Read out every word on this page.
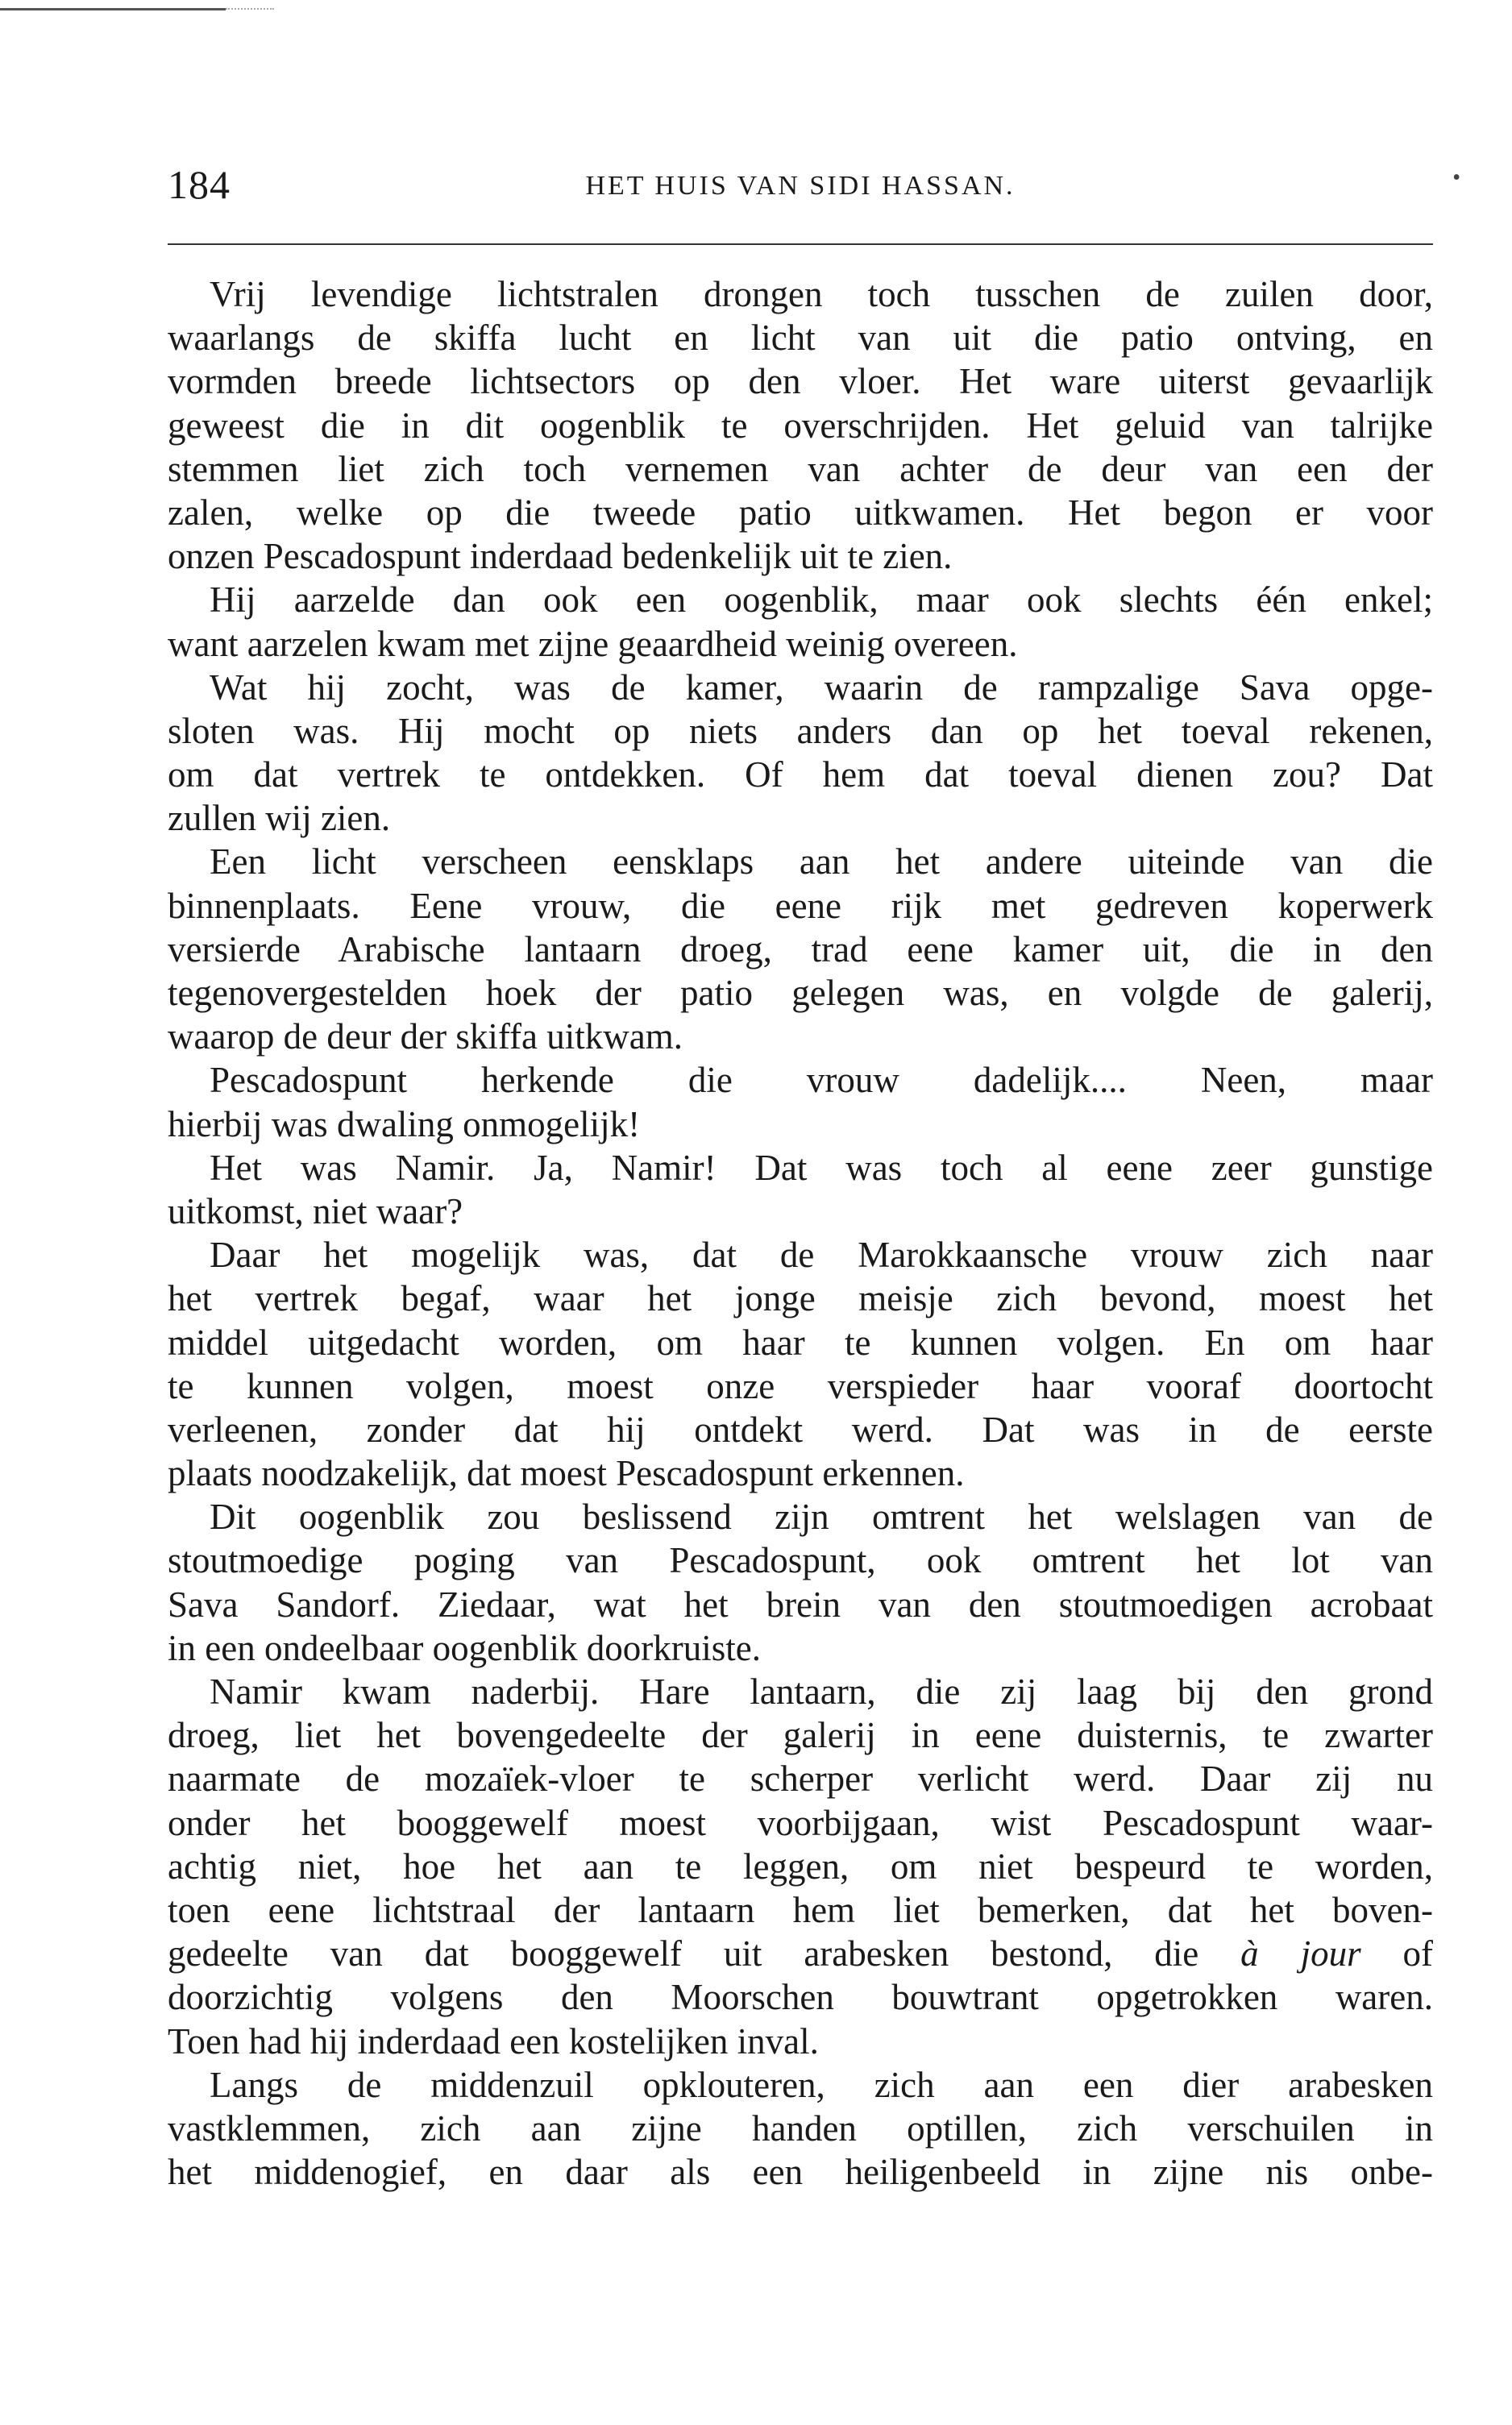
•
184	HET HUIS VAN SIDI HASSAN.
Vrij levendige lichtstralen drongen toch tusschen de zuilen door,
waarlangs de skiffa lucht en licht van uit die patio ontving, en
vormden breede lichtsectors op den vloer. Het ware uiterst gevaarlijk
geweest die in dit oogenblik te overschrijden. Het geluid van talrijke
stemmen liet zich toch vernemen van achter de deur van een der
zalen, welke op die tweede patio uitkwamen. Het begon er voor
onzen Pescadospunt inderdaad bedenkelijk uit te zien.
Hij aarzelde dan ook een oogenblik, maar ook slechts één enkel;
want aarzelen kwam met zijne geaardheid weinig overeen.
Wat hij zocht, was de kamer, waarin de rampzalige Sava opge-
sloten was. Hij mocht op niets anders dan op het toeval rekenen,
om dat vertrek te ontdekken. Of hem dat toeval dienen zou? Dat
zullen wij zien.
Een licht verscheen eensklaps aan het andere uiteinde van die
binnenplaats. Eene vrouw, die eene rijk met gedreven koperwerk
versierde Arabische lantaarn droeg, trad eene kamer uit, die in den
tegenovergestelden hoek der patio gelegen was, en volgde de galerij,
waarop de deur der skiffa uitkwam.
Pescadospunt herkende die vrouw dadelijk.... Neen, maar
hierbij was dwaling onmogelijk!
Het was Namir. Ja, Namir! Dat was toch al eene zeer gunstige
uitkomst, niet waar?
Daar het mogelijk was, dat de Marokkaansche vrouw zich naar
het vertrek begaf, waar het jonge meisje zich bevond, moest het
middel uitgedacht worden, om haar te kunnen volgen. En om haar
te kunnen volgen, moest onze verspieder haar vooraf doortocht
verleenen, zonder dat hij ontdekt werd. Dat was in de eerste
plaats noodzakelijk, dat moest Pescadospunt erkennen.
Dit oogenblik zou beslissend zijn omtrent het welslagen van de
stoutmoedige poging van Pescadospunt, ook omtrent het lot van
Sava Sandorf. Ziedaar, wat het brein van den stoutmoedigen acrobaat
in een ondeelbaar oogenblik doorkruiste.
Namir kwam naderbij. Hare lantaarn, die zij laag bij den grond
droeg, liet het bovengedeelte der galerij in eene duisternis, te zwarter
naarmate de mozaïek-vloer te scherper verlicht werd. Daar zij nu
onder het booggewelf moest voorbijgaan, wist Pescadospunt waar-
achtig niet, hoe het aan te leggen, om niet bespeurd te worden,
toen eene lichtstraal der lantaarn hem liet bemerken, dat het boven-
gedeelte van dat booggewelf uit arabesken bestond, die à jour of
doorzichtig volgens den Moorschen bouwtrant opgetrokken waren.
Toen had hij inderdaad een kostelijken inval.
Langs de middenzuil opklouteren, zich aan een dier arabesken
vastklemmen, zich aan zijne handen optillen, zich verschuilen in
het middenogief, en daar als een heiligenbeeld in zijne nis onbe-
